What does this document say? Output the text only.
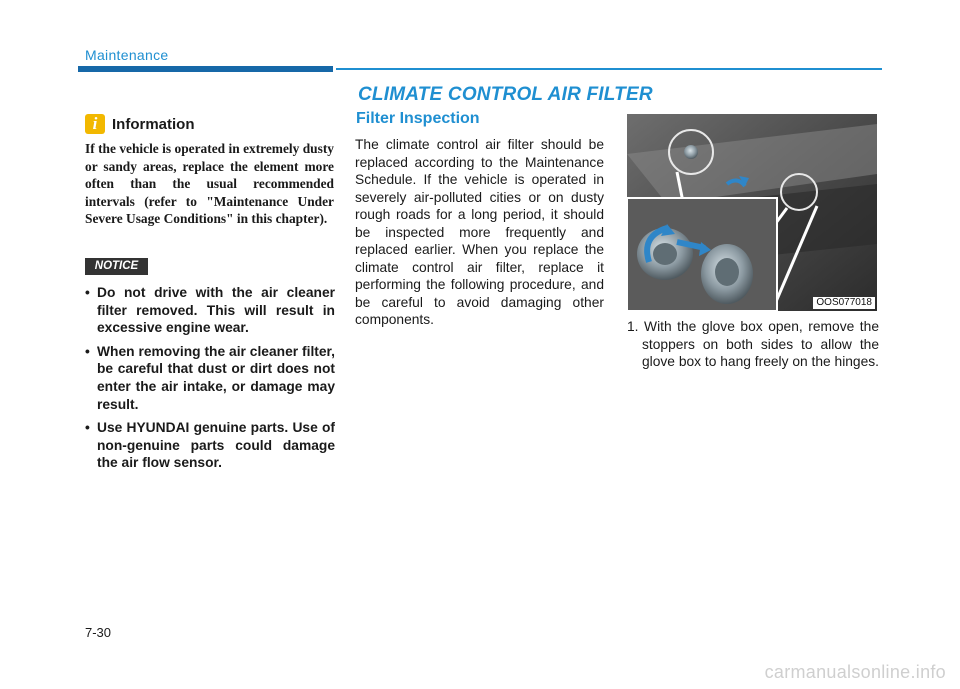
Maintenance
CLIMATE CONTROL AIR FILTER
i Information

If the vehicle is operated in extremely dusty or sandy areas, replace the element more often than the usual recommended intervals (refer to "Maintenance Under Severe Usage Conditions" in this chapter).

NOTICE
• Do not drive with the air cleaner filter removed. This will result in excessive engine wear.
• When removing the air cleaner filter, be careful that dust or dirt does not enter the air intake, or damage may result.
• Use HYUNDAI genuine parts. Use of non-genuine parts could damage the air flow sensor.
Filter Inspection

The climate control air filter should be replaced according to the Maintenance Schedule. If the vehicle is operated in severely air-polluted cities or on dusty rough roads for a long period, it should be inspected more frequently and replaced earlier. When you replace the climate control air filter, replace it performing the following procedure, and be careful to avoid damaging other components.

OOS077018
1. With the glove box open, remove the stoppers on both sides to allow the glove box to hang freely on the hinges.
7-30
carmanualsonline.info
